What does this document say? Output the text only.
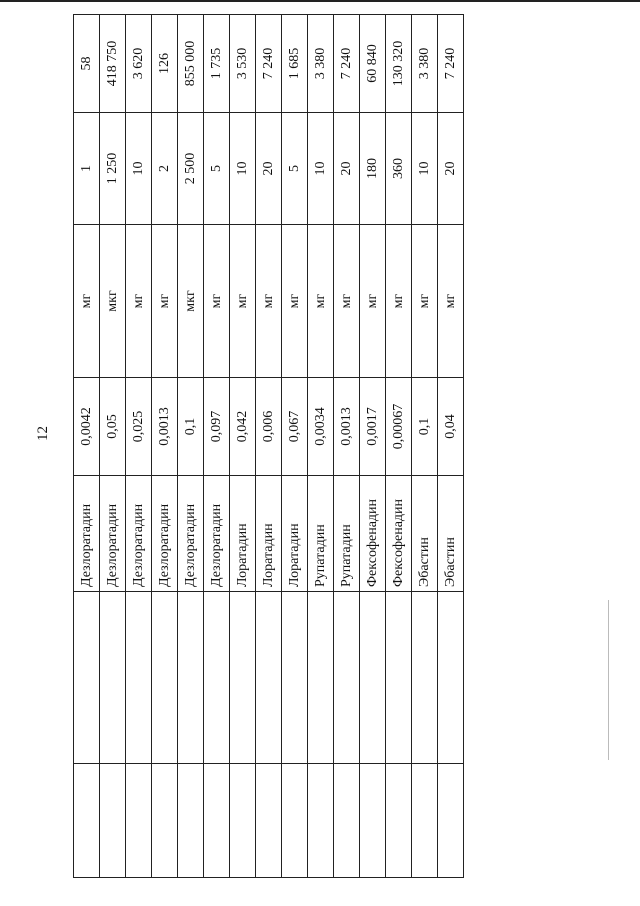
12
		Дезлоратадин	0,0042	мг	1	58
		Дезлоратадин	0,05	мкг	1 250	418 750
		Дезлоратадин	0,025	мг	10	3 620
		Дезлоратадин	0,0013	мг	2	126
		Дезлоратадин	0,1	мкг	2 500	855 000
		Дезлоратадин	0,097	мг	5	1 735
		Лоратадин	0,042	мг	10	3 530
		Лоратадин	0,006	мг	20	7 240
		Лоратадин	0,067	мг	5	1 685
		Рупатадин	0,0034	мг	10	3 380
		Рупатадин	0,0013	мг	20	7 240
		Фексофенадин	0,0017	мг	180	60 840
		Фексофенадин	0,00067	мг	360	130 320
		Эбастин	0,1	мг	10	3 380
		Эбастин	0,04	мг	20	7 240
